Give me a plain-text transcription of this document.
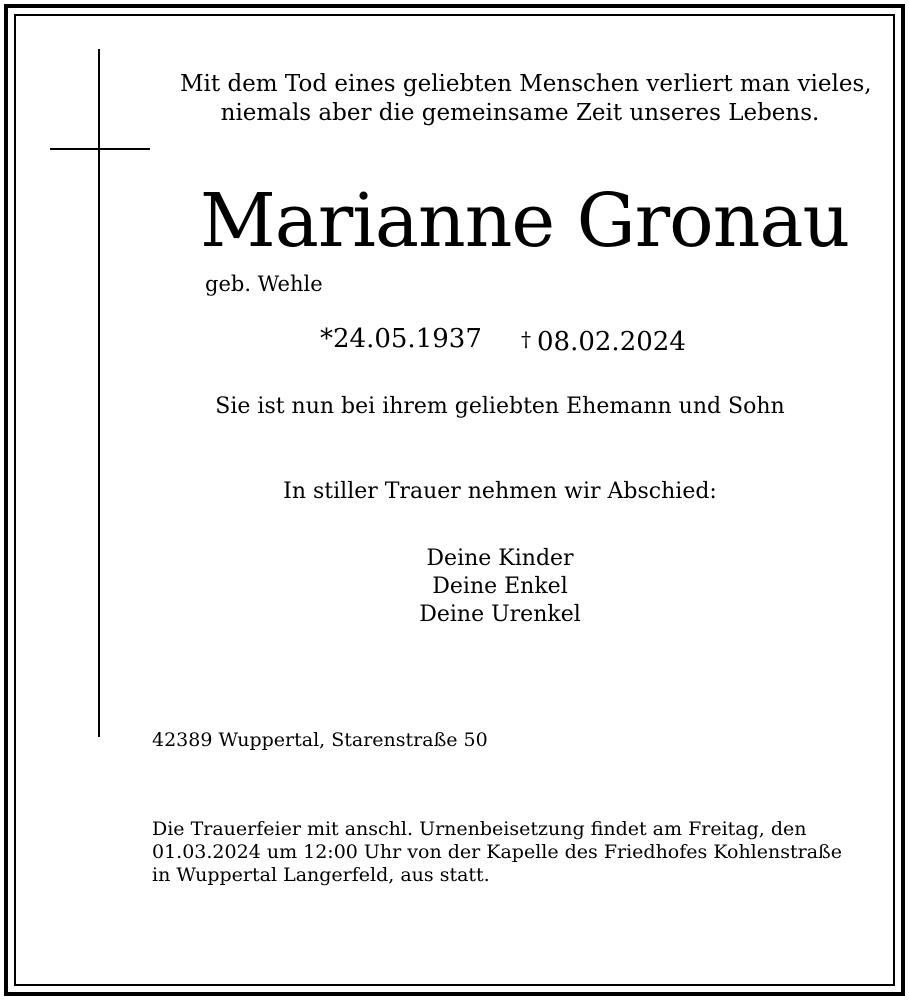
Mit dem Tod eines geliebten Menschen verliert man vieles,
niemals aber die gemeinsame Zeit unseres Lebens.
Marianne Gronau
geb. Wehle
*24.05.1937 † 08.02.2024
Sie ist nun bei ihrem geliebten Ehemann und Sohn
In stiller Trauer nehmen wir Abschied:
Deine Kinder
Deine Enkel
Deine Urenkel
42389 Wuppertal, Starenstraße 50
Die Trauerfeier mit anschl. Urnenbeisetzung findet am Freitag, den
01.03.2024 um 12:00 Uhr von der Kapelle des Friedhofes Kohlenstraße
in Wuppertal Langerfeld, aus statt.
